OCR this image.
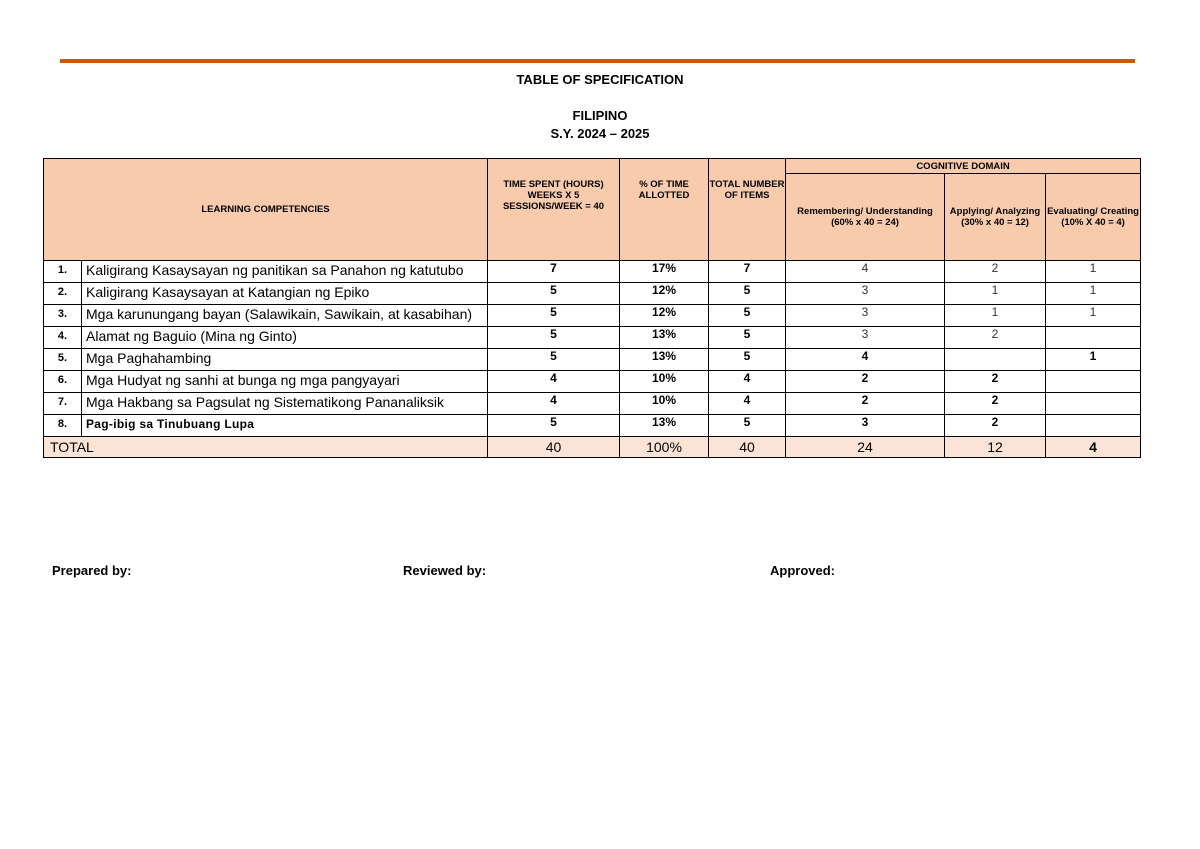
TABLE OF SPECIFICATION
FILIPINO
S.Y. 2024 – 2025
LEARNING COMPETENCIES		TIME SPENT (HOURS) WEEKS X 5 SESSIONS/WEEK = 40	% OF TIME ALLOTTED	TOTAL NUMBER OF ITEMS	COGNITIVE DOMAIN		
					Remembering/ Understanding (60% x 40 = 24)	Applying/ Analyzing (30% x 40 = 12)	Evaluating/ Creating (10% X 40 = 4)
1.	Kaligirang Kasaysayan ng panitikan sa Panahon ng katutubo	7	17%	7	4	2	1
2.	Kaligirang Kasaysayan at Katangian ng Epiko	5	12%	5	3	1	1
3.	Mga karunungang bayan (Salawikain, Sawikain, at kasabihan)	5	12%	5	3	1	1
4.	Alamat ng Baguio (Mina ng Ginto)	5	13%	5	3	2	
5.	Mga Paghahambing	5	13%	5	4		1
6.	Mga Hudyat ng sanhi at bunga ng mga pangyayari	4	10%	4	2	2	
7.	Mga Hakbang sa Pagsulat ng Sistematikong Pananaliksik	4	10%	4	2	2	
8.	Pag-ibig sa Tinubuang Lupa	5	13%	5	3	2	
TOTAL		40	100%	40	24	12	4
Prepared by:	Reviewed by:	Approved:
